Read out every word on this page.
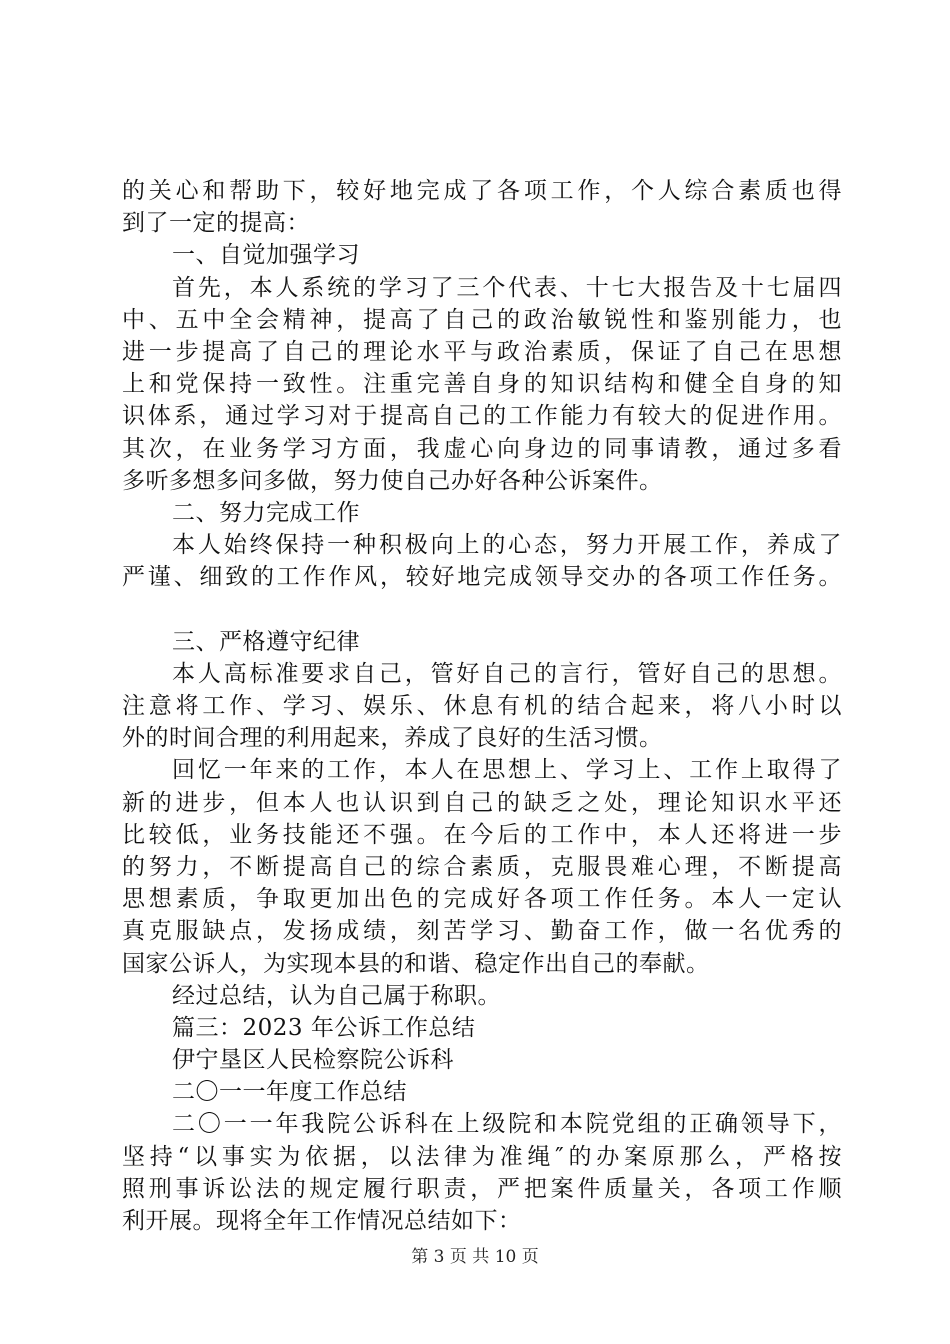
的关心和帮助下，较好地完成了各项工作，个人综合素质也得
到了一定的提高：
一、自觉加强学习
首先，本人系统的学习了三个代表、十七大报告及十七届四
中、五中全会精神，提高了自己的政治敏锐性和鉴别能力，也
进一步提高了自己的理论水平与政治素质，保证了自己在思想
上和党保持一致性。注重完善自身的知识结构和健全自身的知
识体系，通过学习对于提高自己的工作能力有较大的促进作用。
其次，在业务学习方面，我虚心向身边的同事请教，通过多看
多听多想多问多做，努力使自己办好各种公诉案件。
二、努力完成工作
本人始终保持一种积极向上的心态，努力开展工作，养成了
严谨、细致的工作作风，较好地完成领导交办的各项工作任务。
三、严格遵守纪律
本人高标准要求自己，管好自己的言行，管好自己的思想。
注意将工作、学习、娱乐、休息有机的结合起来，将八小时以
外的时间合理的利用起来，养成了良好的生活习惯。
回忆一年来的工作，本人在思想上、学习上、工作上取得了
新的进步，但本人也认识到自己的缺乏之处，理论知识水平还
比较低，业务技能还不强。在今后的工作中，本人还将进一步
的努力，不断提高自己的综合素质，克服畏难心理，不断提高
思想素质，争取更加出色的完成好各项工作任务。本人一定认
真克服缺点，发扬成绩，刻苦学习、勤奋工作，做一名优秀的
国家公诉人，为实现本县的和谐、稳定作出自己的奉献。
经过总结，认为自己属于称职。
篇三：2023 年公诉工作总结
伊宁垦区人民检察院公诉科
二〇一一年度工作总结
二〇一一年我院公诉科在上级院和本院党组的正确领导下，
坚持“以事实为依据，以法律为准绳″的办案原那么，严格按
照刑事诉讼法的规定履行职责，严把案件质量关，各项工作顺
利开展。现将全年工作情况总结如下：
第 3 页 共 10 页
